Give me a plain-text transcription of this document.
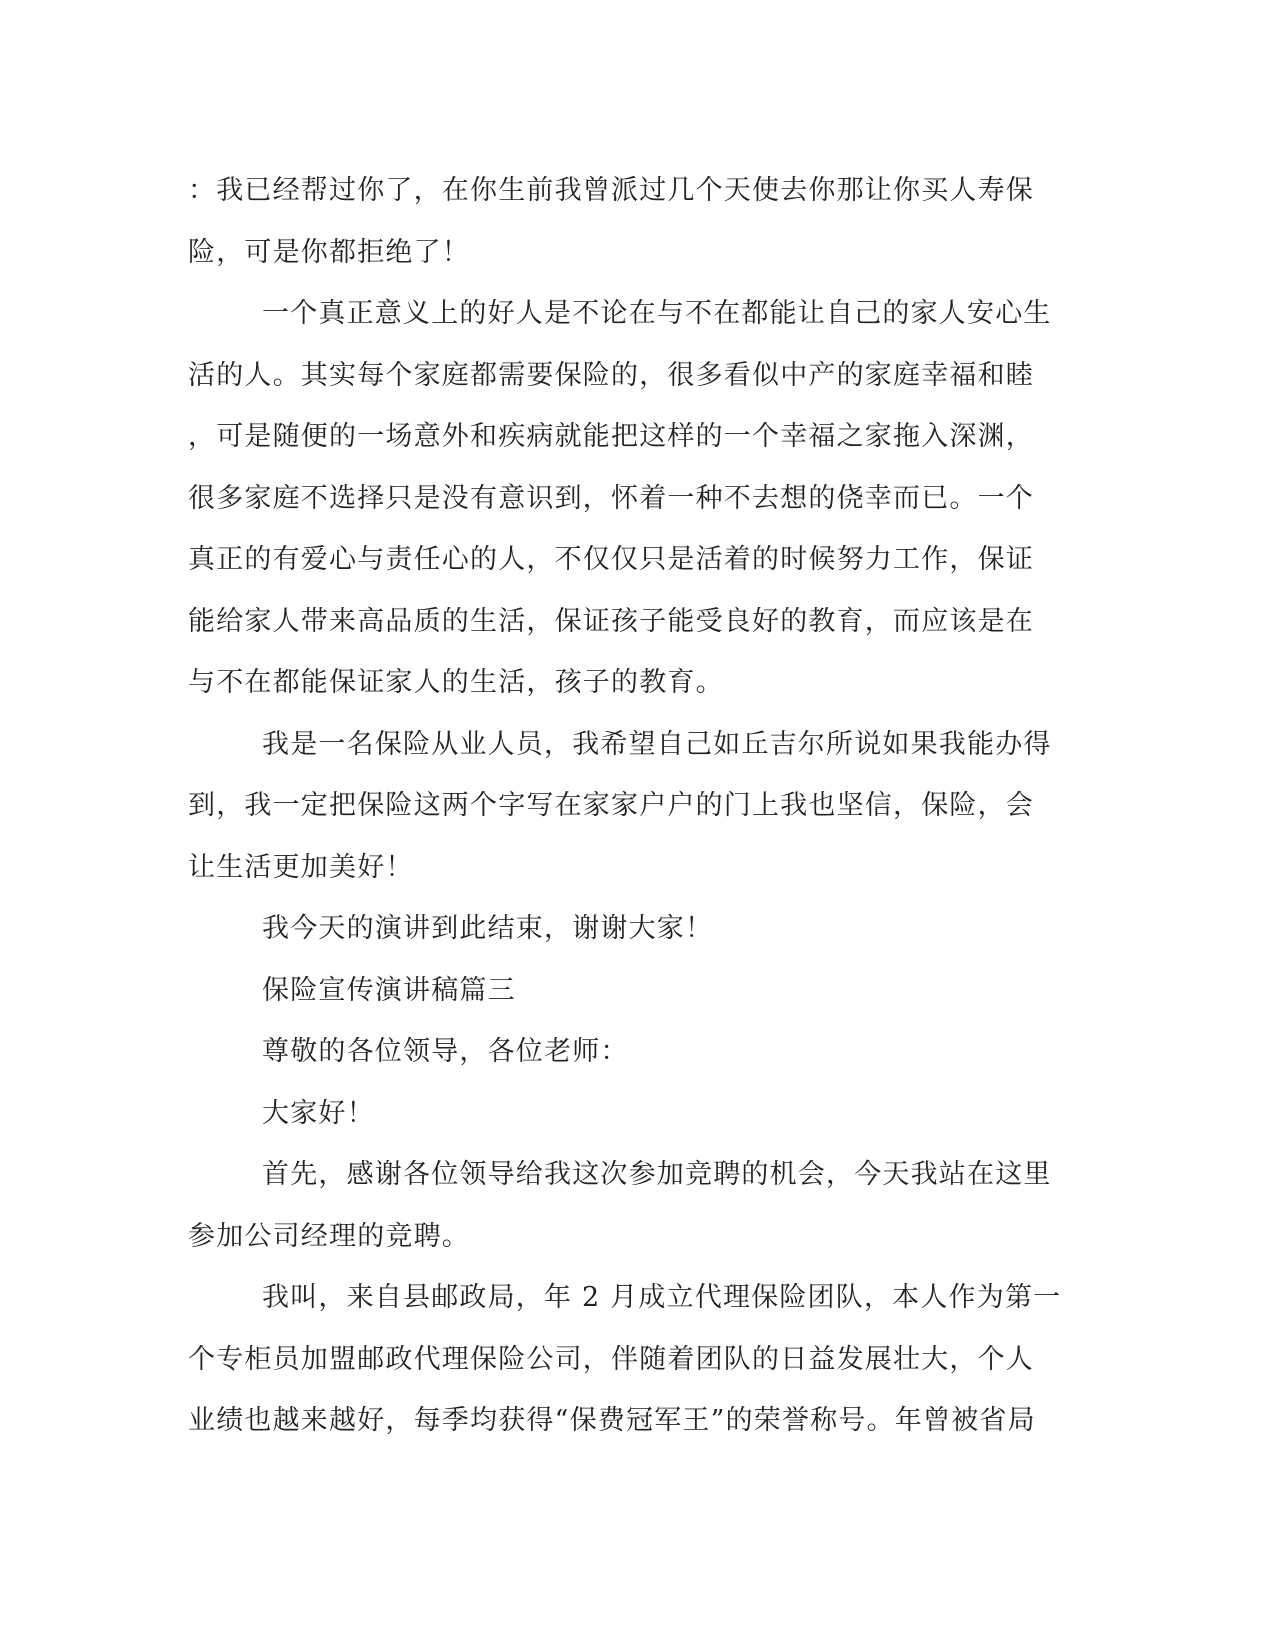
：我已经帮过你了，在你生前我曾派过几个天使去你那让你买人寿保
险，可是你都拒绝了！
一个真正意义上的好人是不论在与不在都能让自己的家人安心生
活的人。其实每个家庭都需要保险的，很多看似中产的家庭幸福和睦
，可是随便的一场意外和疾病就能把这样的一个幸福之家拖入深渊，
很多家庭不选择只是没有意识到，怀着一种不去想的侥幸而已。一个
真正的有爱心与责任心的人，不仅仅只是活着的时候努力工作，保证
能给家人带来高品质的生活，保证孩子能受良好的教育，而应该是在
与不在都能保证家人的生活，孩子的教育。
我是一名保险从业人员，我希望自己如丘吉尔所说如果我能办得
到，我一定把保险这两个字写在家家户户的门上我也坚信，保险，会
让生活更加美好！
我今天的演讲到此结束，谢谢大家！
保险宣传演讲稿篇三
尊敬的各位领导，各位老师：
大家好！
首先，感谢各位领导给我这次参加竞聘的机会，今天我站在这里
参加公司经理的竞聘。
我叫，来自县邮政局，年 2 月成立代理保险团队，本人作为第一
个专柜员加盟邮政代理保险公司，伴随着团队的日益发展壮大，个人
业绩也越来越好，每季均获得“保费冠军王”的荣誉称号。年曾被省局
